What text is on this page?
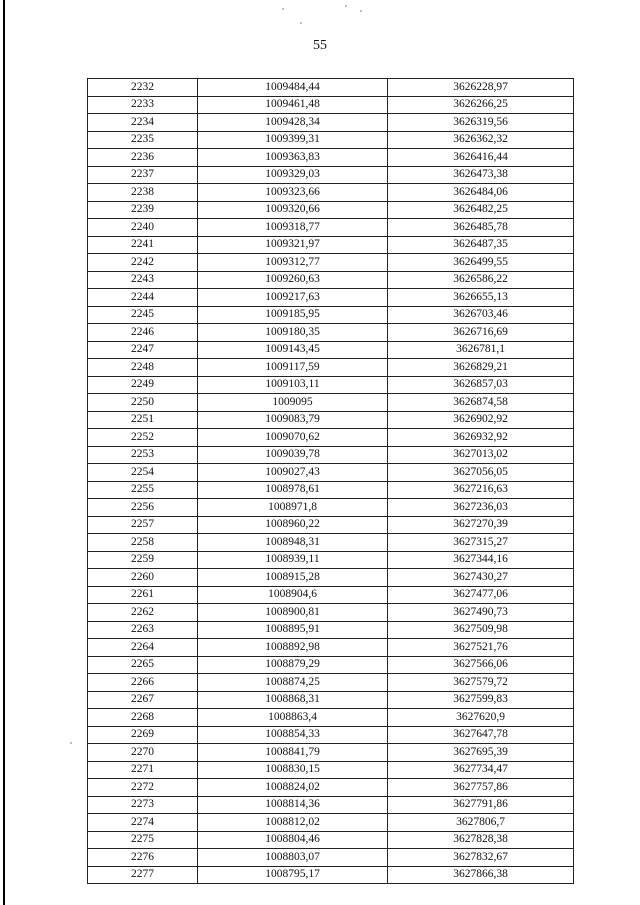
55
2232	1009484,44	3626228,97
2233	1009461,48	3626266,25
2234	1009428,34	3626319,56
2235	1009399,31	3626362,32
2236	1009363,83	3626416,44
2237	1009329,03	3626473,38
2238	1009323,66	3626484,06
2239	1009320,66	3626482,25
2240	1009318,77	3626485,78
2241	1009321,97	3626487,35
2242	1009312,77	3626499,55
2243	1009260,63	3626586,22
2244	1009217,63	3626655,13
2245	1009185,95	3626703,46
2246	1009180,35	3626716,69
2247	1009143,45	3626781,1
2248	1009117,59	3626829,21
2249	1009103,11	3626857,03
2250	1009095	3626874,58
2251	1009083,79	3626902,92
2252	1009070,62	3626932,92
2253	1009039,78	3627013,02
2254	1009027,43	3627056,05
2255	1008978,61	3627216,63
2256	1008971,8	3627236,03
2257	1008960,22	3627270,39
2258	1008948,31	3627315,27
2259	1008939,11	3627344,16
2260	1008915,28	3627430,27
2261	1008904,6	3627477,06
2262	1008900,81	3627490,73
2263	1008895,91	3627509,98
2264	1008892,98	3627521,76
2265	1008879,29	3627566,06
2266	1008874,25	3627579,72
2267	1008868,31	3627599,83
2268	1008863,4	3627620,9
2269	1008854,33	3627647,78
2270	1008841,79	3627695,39
2271	1008830,15	3627734,47
2272	1008824,02	3627757,86
2273	1008814,36	3627791,86
2274	1008812,02	3627806,7
2275	1008804,46	3627828,38
2276	1008803,07	3627832,67
2277	1008795,17	3627866,38
